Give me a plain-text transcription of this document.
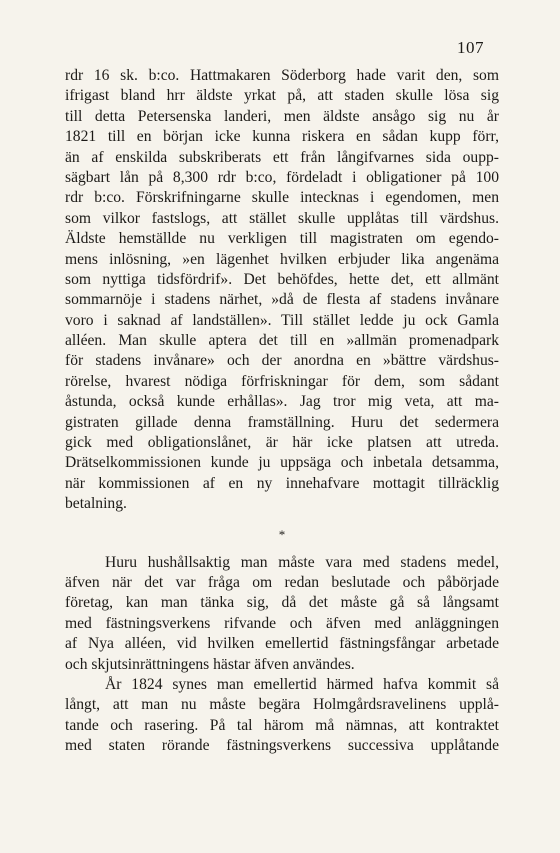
107
rdr 16 sk. b:co. Hattmakaren Söderborg hade varit den, som
ifrigast bland hrr äldste yrkat på, att staden skulle lösa sig
till detta Petersenska landeri, men äldste ansågo sig nu år
1821 till en början icke kunna riskera en sådan kupp förr,
än af enskilda subskriberats ett från långifvarnes sida oupp-
sägbart lån på 8,300 rdr b:co, fördeladt i obligationer på 100
rdr b:co. Förskrifningarne skulle intecknas i egendomen, men
som vilkor fastslogs, att stället skulle upplåtas till värdshus.
Äldste hemställde nu verkligen till magistraten om egendo-
mens inlösning, »en lägenhet hvilken erbjuder lika angenäma
som nyttiga tidsfördrif». Det behöfdes, hette det, ett allmänt
sommarnöje i stadens närhet, »då de flesta af stadens invånare
voro i saknad af landställen». Till stället ledde ju ock Gamla
alléen. Man skulle aptera det till en »allmän promenadpark
för stadens invånare» och der anordna en »bättre värdshus-
rörelse, hvarest nödiga förfriskningar för dem, som sådant
åstunda, också kunde erhållas». Jag tror mig veta, att ma-
gistraten gillade denna framställning. Huru det sedermera
gick med obligationslånet, är här icke platsen att utreda.
Drätselkommissionen kunde ju uppsäga och inbetala detsamma,
när kommissionen af en ny innehafvare mottagit tillräcklig
betalning.
*
Huru hushållsaktig man måste vara med stadens medel,
äfven när det var fråga om redan beslutade och påbörjade
företag, kan man tänka sig, då det måste gå så långsamt
med fästningsverkens rifvande och äfven med anläggningen
af Nya alléen, vid hvilken emellertid fästningsfångar arbetade
och skjutsinrättningens hästar äfven användes.
År 1824 synes man emellertid härmed hafva kommit så
långt, att man nu måste begära Holmgårdsravelinens upplå-
tande och rasering. På tal härom må nämnas, att kontraktet
med staten rörande fästningsverkens successiva upplåtande
